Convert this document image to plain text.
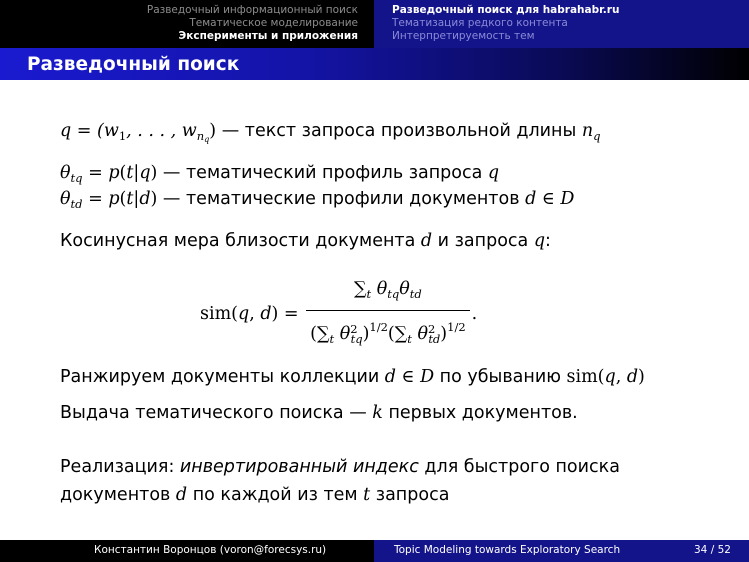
Разведочный информационный поиск
Тематическое моделирование
Эксперименты и приложения
Разведочный поиск для habrahabr.ru
Тематизация редкого контента
Интерпретируемость тем
Разведочный поиск
$q = (w_1$, . . . , $w_{n_q}$) — текст запроса произвольной длины $n_q$
$\theta_{tq} = p(t|q)$ — тематический профиль запроса q
$\theta_{td} = p(t|d)$ — тематические профили документов d ∈ D
Косинусная мера близости документа d и запроса q:
sim(q, $d) = \frac{\sum_t \theta_{tq}\theta_{td}}{(\sum_t \theta^2_{tq})^{1/2}(\sum_t \theta^2_{td})^{1/2}}$ .
Ранжируем документы коллекции d ∈ D по убыванию sim(q, d)
Выдача тематического поиска — k первых документов.
Реализация: инвертированный индекс для быстрого поиска
документов d по каждой из тем t запроса
Константин Воронцов (voron@forecsys.ru)	Topic Modeling towards Exploratory Search	34 / 52
